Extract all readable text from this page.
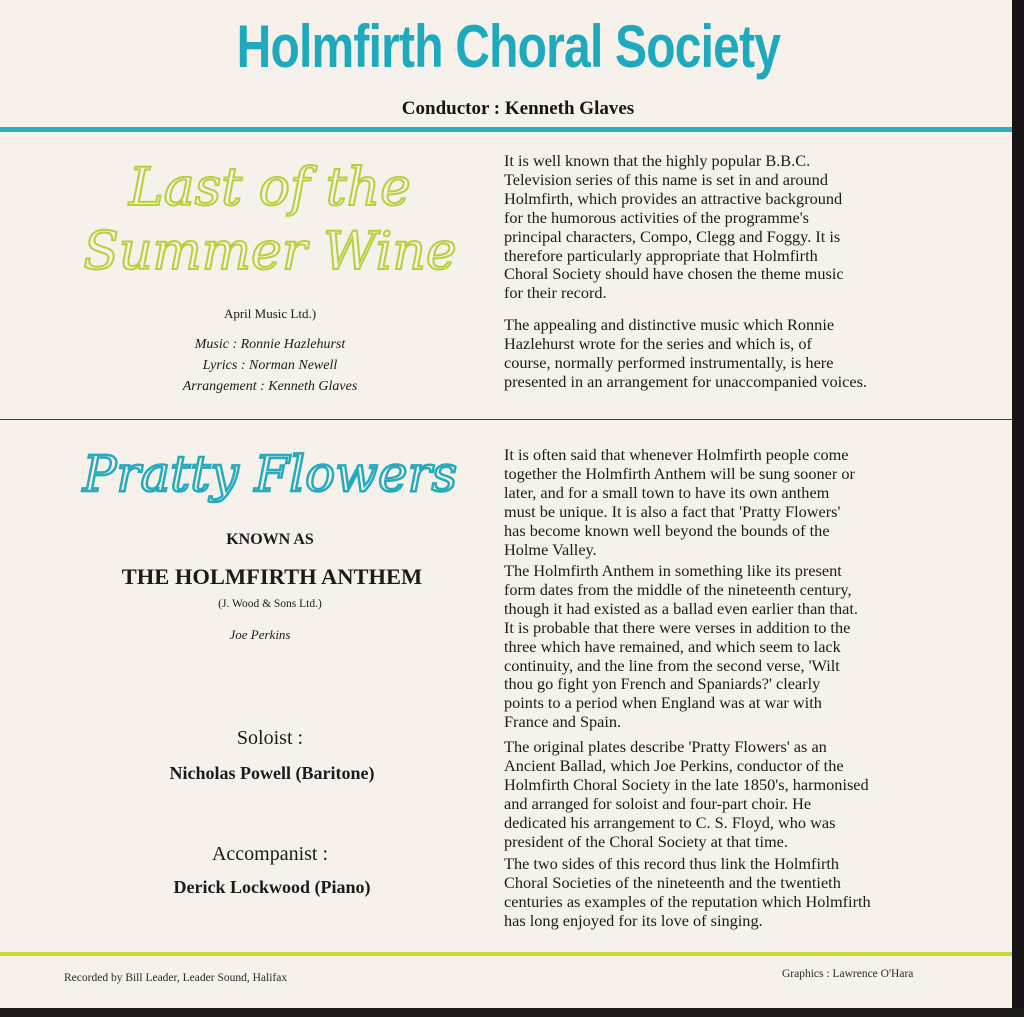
Holmfirth Choral Society
Conductor : Kenneth Glaves
Last of the
Summer Wine
April Music Ltd.)
Music : Ronnie Hazlehurst
Lyrics : Norman Newell
Arrangement : Kenneth Glaves
It is well known that the highly popular B.B.C.
Television series of this name is set in and around
Holmfirth, which provides an attractive background
for the humorous activities of the programme's
principal characters, Compo, Clegg and Foggy. It is
therefore particularly appropriate that Holmfirth
Choral Society should have chosen the theme music
for their record.
The appealing and distinctive music which Ronnie
Hazlehurst wrote for the series and which is, of
course, normally performed instrumentally, is here
presented in an arrangement for unaccompanied voices.
Pratty Flowers
KNOWN AS
THE HOLMFIRTH ANTHEM
(J. Wood & Sons Ltd.)
Joe Perkins
Soloist :
Nicholas Powell (Baritone)
Accompanist :
Derick Lockwood (Piano)
It is often said that whenever Holmfirth people come
together the Holmfirth Anthem will be sung sooner or
later, and for a small town to have its own anthem
must be unique. It is also a fact that 'Pratty Flowers'
has become known well beyond the bounds of the
Holme Valley.
The Holmfirth Anthem in something like its present
form dates from the middle of the nineteenth century,
though it had existed as a ballad even earlier than that.
It is probable that there were verses in addition to the
three which have remained, and which seem to lack
continuity, and the line from the second verse, 'Wilt
thou go fight yon French and Spaniards?' clearly
points to a period when England was at war with
France and Spain.
The original plates describe 'Pratty Flowers' as an
Ancient Ballad, which Joe Perkins, conductor of the
Holmfirth Choral Society in the late 1850's, harmonised
and arranged for soloist and four-part choir. He
dedicated his arrangement to C. S. Floyd, who was
president of the Choral Society at that time.
The two sides of this record thus link the Holmfirth
Choral Societies of the nineteenth and the twentieth
centuries as examples of the reputation which Holmfirth
has long enjoyed for its love of singing.
Recorded by Bill Leader, Leader Sound, Halifax	Graphics : Lawrence O'Hara
